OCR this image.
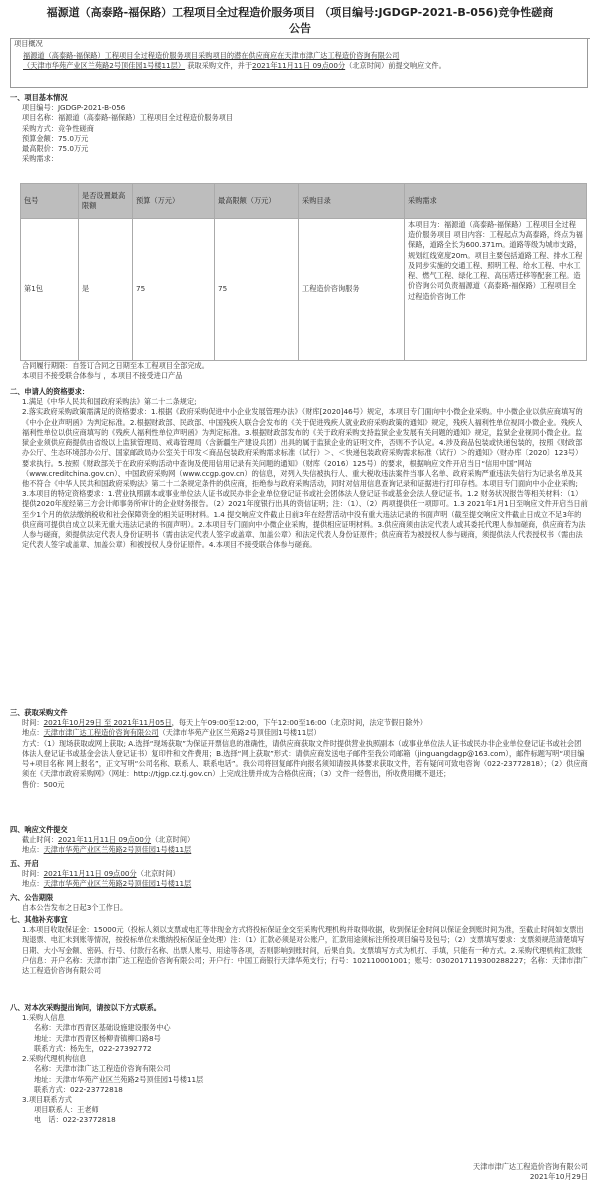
福源道（高泰路-福保路）工程项目全过程造价服务项目 （项目编号:JGDGP-2021-B-056)竞争性磋商
公告
项目概况
福源道（高泰路-福保路）工程项目全过程造价服务项目采购项目的潜在供应商应在天津市津广达工程造价咨询有限公司
（天津市华苑产业区兰苑路2号顶佳园1号楼11层） 获取采购文件，并于2021年11月11日 09点00分（北京时间）前提交响应文件。
一、项目基本情况
项目编号：JGDGP-2021-B-056
项目名称：福源道（高泰路-福保路）工程项目全过程造价服务项目
采购方式：竞争性磋商
预算金额：75.0万元
最高限价：75.0万元
采购需求：
包号	是否设置最高限额	预算（万元）	最高限额（万元）	采购目录	采购需求
第1包	是	75	75	工程造价咨询服务	本项目为：福源道（高泰路-福保路）工程项目全过程造价服务项目 项目内容：工程起点为高泰路，终点为福保路，道路全长为600.371m。道路等级为城市支路，规划红线宽度20m。项目主要包括道路工程、排水工程及同步实施的交通工程、照明工程、给水工程、中水工程、燃气工程、绿化工程、高压塔迁移等配套工程。造价咨询公司负责福源道（高泰路-福保路）工程项目全过程造价咨询工作
合同履行期限：自签订合同之日期至本工程项目全部完成。
本项目不接受联合体参与 ，本项目不接受进口产品
二、申请人的资格要求：
1.满足《中华人民共和国政府采购法》第二十二条规定;
2.落实政府采购政策需满足的资格要求：1.根据《政府采购促进中小企业发展管理办法》（财库[2020]46号）规定，本项目专门面向中小微企业采购。中小微企业以供应商填写的《中小企业声明函》为判定标准。2.根据财政部、民政部、中国残疾人联合会发布的《关于促进残疾人就业政府采购政策的通知》规定，残疾人福利性单位视同小微企业。残疾人福利性单位以供应商填写的《残疾人福利性单位声明函》为判定标准。3.根据财政部发布的《关于政府采购支持监狱企业发展有关问题的通知》规定，监狱企业视同小微企业。监狱企业须供应商提供由省级以上监狱管理局、戒毒管理局（含新疆生产建设兵团）出具的属于监狱企业的证明文件，否则不予认定。4.涉及商品包装或快递包装的，按照《财政部办公厅、生态环境部办公厅、国家邮政局办公室关于印发＜商品包装政府采购需求标准（试行）＞、＜快递包装政府采购需求标准（试行）＞的通知》（财办库〔2020〕123号）要求执行。5.按照《财政部关于在政府采购活动中查询及使用信用记录有关问题的通知》（财库（2016）125号）的要求，根据响应文件开启当日“信用中国”网站（www.creditchina.gov.cn）、中国政府采购网（www.ccgp.gov.cn）的信息，对列入失信被执行人、重大税收违法案件当事人名单、政府采购严重违法失信行为记录名单及其他不符合《中华人民共和国政府采购法》第二十二条规定条件的供应商，拒绝参与政府采购活动，同时对信用信息查询记录和证据进行打印存档。本项目专门面向中小企业采购;
3.本项目的特定资格要求：1.营业执照副本或事业单位法人证书或民办非企业单位登记证书或社会团体法人登记证书或基金会法人登记证书。1.2 财务状况报告等相关材料：（1）提供2020年度经第三方会计师事务所审计的企业财务报告。（2）2021年度银行出具的资信证明；注：（1）、（2）两项提供任一项即可。1.3 2021年1月1日至响应文件开启当日前至少1个月的依法缴纳税收和社会保障资金的相关证明材料。1.4 提交响应文件截止日前3年在经营活动中没有重大违法记录的书面声明（截至提交响应文件截止日成立不足3年的供应商可提供自成立以来无重大违法记录的书面声明）。2.本项目专门面向中小微企业采购，提供相应证明材料。3.供应商须由法定代表人或其委托代理人参加磋商，供应商若为法人参与磋商，须提供法定代表人身份证明书（需由法定代表人签字或盖章、加盖公章）和法定代表人身份证原件；供应商若为被授权人参与磋商，须提供法人代表授权书（需由法定代表人签字或盖章、加盖公章）和被授权人身份证原件。4.本项目不接受联合体参与磋商。
三、获取采购文件
时间：2021年10月29日 至 2021年11月05日，每天上午09:00至12:00，下午12:00至16:00（北京时间，法定节假日除外）
地点：天津市津广达工程造价咨询有限公司（天津市华苑产业区兰苑路2号顶佳园1号楼11层）
方式：（1）现场获取或网上获取; A.选择“现场获取”为保证开票信息的准确性，请供应商获取文件时提供营业执照副本（或事业单位法人证书或民办非企业单位登记证书或社会团体法人登记证书或基金会法人登记证书）复印件和文件费用；B.选择“网上获取”形式：请供应商发送电子邮件至我公司邮箱（jinguangdagp@163.com），邮件标题写明“项目编号+项目名称 网上报名”，正文写明“公司名称、联系人、联系电话”。我公司将回复邮件向报名须知请按具体要求获取文件，若有疑问可致电咨询（022-23772818）；（2）供应商须在《天津市政府采购网》（网址：http://tjgp.cz.tj.gov.cn）上完成注册并成为合格供应商；（3）文件一经售出，所收费用概不退还；
售价：500元
四、响应文件提交
截止时间：2021年11月11日 09点00分（北京时间）
地点：天津市华苑产业区兰苑路2号顶佳园1号楼11层
五、开启
时间：2021年11月11日 09点00分（北京时间）
地点：天津市华苑产业区兰苑路2号顶佳园1号楼11层
六、公告期限
自本公告发布之日起3个工作日。
七、其他补充事宜
1.本项目收取保证金：15000元（投标人须以支票或电汇等非现金方式将投标保证金交至采购代理机构并取得收据，收到保证金时间以保证金到账时间为准，至截止时间如支票出现退票、电汇未到账等情况，按投标单位未缴纳投标保证金处理）注：（1）汇款必须是对公账户，汇款用途须标注所投项目编号及包号；（2）支票填写要求：支票须规范清楚填写日期、大小写金额、密码、行号、付款行名称、出票人账号、用途等各项，否则影响到账时间，后果自负。支票填写方式为机打、手填，只能有一种方式。2.采购代理机构汇款账户信息：开户名称：天津市津广达工程造价咨询有限公司；开户行：中国工商银行天津华苑支行；行号：102110001001；账号：0302017119300288227；名称：天津市津广达工程造价咨询有限公司
八、对本次采购提出询问，请按以下方式联系。
1.采购人信息
名称：天津市西青区基础设施建设服务中心
地址：天津市西青区杨柳青镇柳口路8号
联系方式：杨先生，022-27392772
2.采购代理机构信息
名称：天津市津广达工程造价咨询有限公司
地址：天津市华苑产业区兰苑路2号顶佳园1号楼11层
联系方式：022-23772818
3.项目联系方式
项目联系人：王老师
电　话：022-23772818
天津市津广达工程造价咨询有限公司
2021年10月29日
